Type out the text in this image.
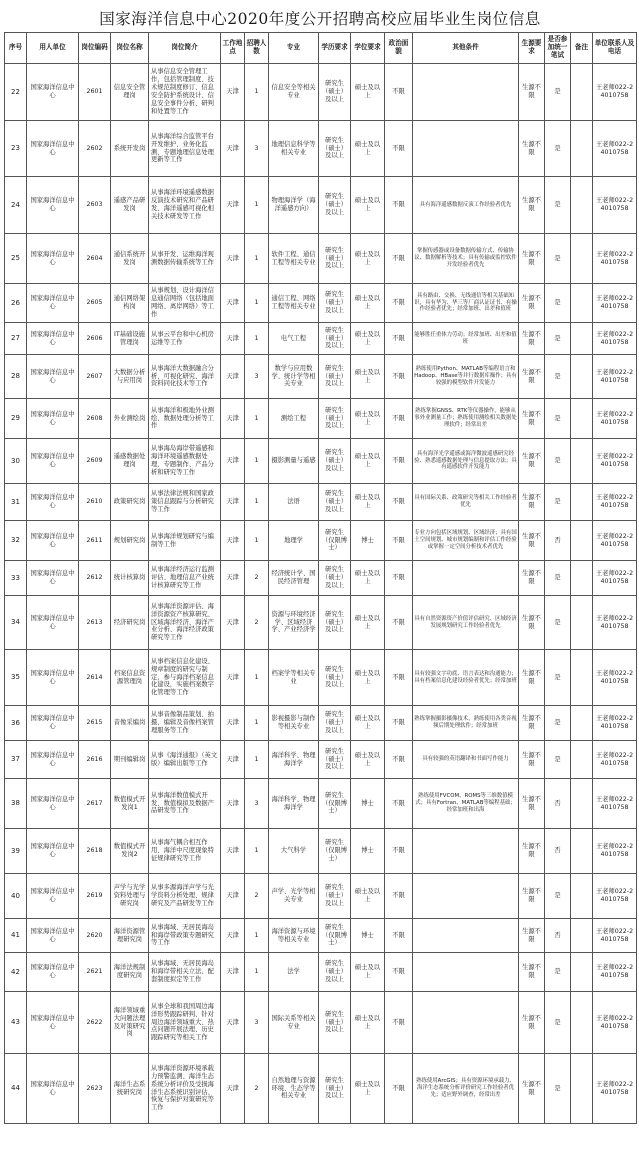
国家海洋信息中心2020年度公开招聘高校应届毕业生岗位信息
序号	用人单位	岗位编码	岗位名称	岗位简介	工作地点	招聘人数	专业	学历要求	学位要求	政治面貌	其他条件	生源要求	是否参加统一笔试	备注	单位联系人及电话
22	国家海洋信息中心	2601	信息安全管理岗	从事信息安全管理工作，包括管理制度、技术规范制度修订、信息安全防护系统设计、信息安全事件分析、研判和处置等工作	天津	1	信息安全等相关专业	研究生（硕士）及以上	硕士及以上	不限		生源不限	是		王老师022-24010758
23	国家海洋信息中心	2602	系统开发岗	从事海洋综合监管平台开发维护、业务化监测、专题地理信息处理更新等工作	天津	3	地理信息科学等相关专业	研究生（硕士）及以上	硕士及以上	不限		生源不限	是		王老师022-24010758
24	国家海洋信息中心	2603	遥感产品研发岗	从事海洋环境遥感数据反演技术研究和产品研发、海洋遥感可视化相关技术研发等工作	天津	1	物理海洋学（海洋遥感方向）	研究生（硕士）及以上	硕士及以上	不限	具有海洋遥感数据反演工作经验者优先	生源不限	是		王老师022-24010758
25	国家海洋信息中心	2604	通信系统开发岗	从事开发、运维海洋观测数据传输系统等工作	天津	1	软件工程、通信工程等相关专业	研究生（硕士）及以上	硕士及以上	不限	掌握传感器或设备数据传输方式、传输协议、数据解析等技术；具有传输或监控软件开发经验者优先	生源不限	是		王老师022-24010758
26	国家海洋信息中心	2605	通信网络架构岗	从事规划、设计海洋信息通信网络（包括地面网络、离岸网络）等工作	天津	1	通信工程、网络工程等相关专业	研究生（硕士）及以上	硕士及以上	不限	具有路由、交换、无线通信等相关基础知识，具有华为、华三等厂商认证证书、有操作经验者优先；经常加班、出差和值班	生源不限	是		王老师022-24010758
27	国家海洋信息中心	2606	IT基础设施管理岗	从事云平台和中心机房运维等工作	天津	1	电气工程	研究生（硕士）及以上	硕士及以上	不限	能够胜任重体力劳动；经常加班、出差和值班	生源不限	是		王老师022-24010758
28	国家海洋信息中心	2607	大数据分析与应用岗	从事海洋大数据融合分析、可视化研究、海洋资料同化技术等工作	天津	3	数学与应用数学、统计学等相关专业	研究生（硕士）及以上	硕士及以上	不限	熟练使用Python、MATLAB等编程语言和Hadoop、HBase等并行数据库操作；具有较强的模型软件开发能力	生源不限	是		王老师022-24010758
29	国家海洋信息中心	2608	外业测绘岗	从事海洋和极地外业测绘、数据处理分析等工作	天津	1	测绘工程	研究生（硕士）及以上	硕士及以上	不限	熟练掌握GNSS、RTK等仪器操作，能够从事外业测量工作；熟练使用测绘相关数据处理软件；经常出差	生源不限	是		王老师022-24010758
30	国家海洋信息中心	2609	遥感数据处理岗	从事海岛海岸带遥感和海洋环境遥感数据处理、专题制作、产品分析和研究等工作	天津	1	摄影测量与遥感	研究生（硕士）及以上	硕士及以上	不限	具有海洋光学遥感或海洋微波遥感研究经验、熟悉遥感数据处理与信息提取方法；具有遥感软件开发能力	生源不限	是		王老师022-24010758
31	国家海洋信息中心	2610	政策研究岗	从事法律法规和国家政策信息跟踪与分析研究等工作	天津	1	法语	研究生（硕士）及以上	硕士及以上	不限	具有国际关系、政策研究等相关工作经验者优先	生源不限	是		王老师022-24010758
32	国家海洋信息中心	2611	规划研究岗	从事海洋规划研究与编制等工作	天津	1	地理学	研究生（仅限博士）	博士	不限	专业方向包括区域规划、区域经济；具有国土空间规划、城市规划编制和评估工作经验或掌握一定空间分析技术者优先	生源不限	否		王老师022-24010758
33	国家海洋信息中心	2612	统计核算岗	从事海洋经济运行监测评估、地理信息产业统计核算研究等工作	天津	2	经济统计学、国民经济管理	研究生（硕士）及以上	硕士及以上	不限		生源不限	是		王老师022-24010758
34	国家海洋信息中心	2613	经济研究岗	从事海洋资源评估、海洋资源资产核算研究、区域海洋经济、海洋产业分析、海洋经济政策研究等工作	天津	2	资源与环境经济学、区域经济学、产业经济学	研究生（硕士）及以上	硕士及以上	不限	具有自然资源资产价值评估研究、区域经济发展规划研究工作经验者优先	生源不限	是		王老师022-24010758
35	国家海洋信息中心	2614	档案信息资源管理岗	从事档案信息化建设、规章制度的研究与制定，参与海洋档案信息化建设，实施档案数字化管理等工作	天津	1	档案学等相关专业	研究生（硕士）及以上	硕士及以上	不限	具有较强文字功底、语言表达和沟通能力；具有档案信息化建设经验者优先；经常加班	生源不限	是		王老师022-24010758
36	国家海洋信息中心	2615	音像采编岗	从事音像制品策划、拍摄、编辑及音像档案管理服务等工作	天津	1	影视摄影与制作等相关专业	研究生（硕士）及以上	硕士及以上	不限	熟练掌握摄影摄像技术，熟练使用各类音视频后期处理软件；经常加班	生源不限	是		王老师022-24010758
37	国家海洋信息中心	2616	期刊编辑岗	从事《海洋通报》（英文版）编辑出版等工作	天津	1	海洋科学、物理海洋学	研究生（硕士）及以上	硕士及以上	不限	具有较强的英语翻译和书面写作能力	生源不限	是		王老师022-24010758
38	国家海洋信息中心	2617	数值模式开发岗1	从事海洋数值模式开发、数值模拟及数据产品研发等工作	天津	3	海洋科学、物理海洋学	研究生（仅限博士）	博士	不限	熟练使用FVCOM、ROMS等三维数值模式；具有Fortran、MATLAB等编程基础；经常加班和出海	生源不限	否		王老师022-24010758
39	国家海洋信息中心	2618	数值模式开发岗2	从事海气耦合相互作用、海洋中尺度现象特征规律研究等工作	天津	1	大气科学	研究生（仅限博士）	博士	不限		生源不限	否		王老师022-24010758
40	国家海洋信息中心	2619	声学与光学资料处理与研究岗	从事多源海洋声学与光学资料分析处理、规律研究及产品研发等工作	天津	2	声学、光学等相关专业	研究生（硕士）及以上	硕士及以上	不限		生源不限	是		王老师022-24010758
41	国家海洋信息中心	2620	海洋资源管理研究岗	从事海域、无居民海岛和海岸带政策专题研究等工作	天津	1	海洋资源与环境等相关专业	研究生（仅限博士）	博士	不限		生源不限	否		王老师022-24010758
42	国家海洋信息中心	2621	海洋法规制度研究岗	从事海域、无居民海岛和海岸带相关立法、配套制度拟定等工作	天津	1	法学	研究生（硕士）及以上	硕士及以上	不限		生源不限	是		王老师022-24010758
43	国家海洋信息中心	2622	海洋领域重大问题法理及对策研究岗	从事全球和我国周边海洋形势跟踪研判、针对周边海洋领域重大、热点问题开展法理、历史跟踪研究等相关工作	天津	3	国际关系等相关专业	研究生（硕士）及以上	硕士及以上	不限		生源不限	是		王老师022-24010758
44	国家海洋信息中心	2623	海洋生态系统研究岗	从事海洋资源环境承载力预警监测、海洋生态系统分析评价及受损海洋生态系统识别评估、恢复与保护对策研究等工作	天津	2	自然地理与资源环境、生态学等相关专业	研究生（硕士）及以上	硕士及以上	不限	熟练使用ArcGIS；具有资源环境承载力、海洋生态系统分析评价研究工作经验者优先；适应野外调查，经常出差	生源不限	是		王老师022-24010758
